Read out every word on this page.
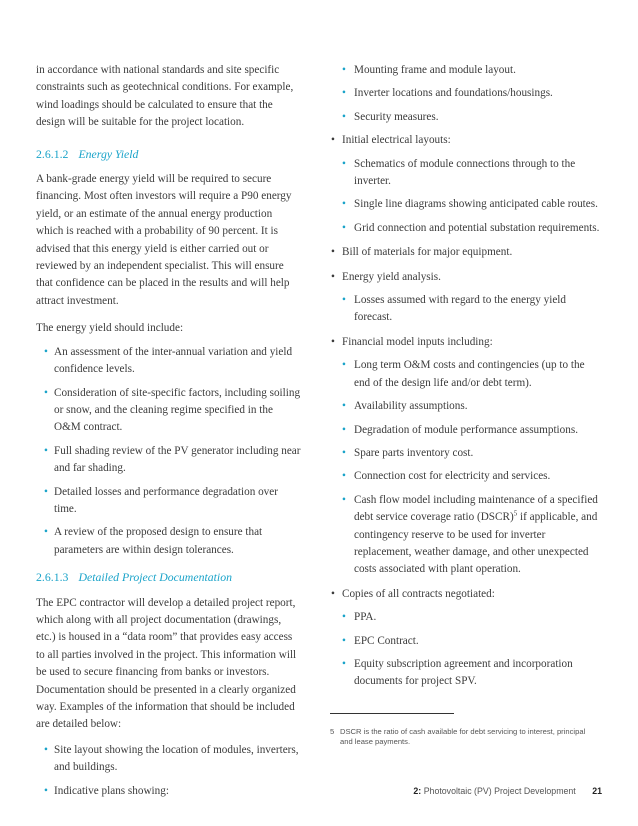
in accordance with national standards and site specific constraints such as geotechnical conditions. For example, wind loadings should be calculated to ensure that the design will be suitable for the project location.

2.6.1.2 Energy Yield

A bank-grade energy yield will be required to secure financing. Most often investors will require a P90 energy yield, or an estimate of the annual energy production which is reached with a probability of 90 percent. It is advised that this energy yield is either carried out or reviewed by an independent specialist. This will ensure that confidence can be placed in the results and will help attract investment.

The energy yield should include:

• An assessment of the inter-annual variation and yield confidence levels.
• Consideration of site-specific factors, including soiling or snow, and the cleaning regime specified in the O&M contract.
• Full shading review of the PV generator including near and far shading.
• Detailed losses and performance degradation over time.
• A review of the proposed design to ensure that parameters are within design tolerances.
2.6.1.3 Detailed Project Documentation

The EPC contractor will develop a detailed project report, which along with all project documentation (drawings, etc.) is housed in a “data room” that provides easy access to all parties involved in the project. This information will be used to secure financing from banks or investors. Documentation should be presented in a clearly organized way. Examples of the information that should be included are detailed below:

• Site layout showing the location of modules, inverters, and buildings.
• Indicative plans showing:
• Mounting frame and module layout.
• Inverter locations and foundations/housings.
• Security measures.
• Initial electrical layouts:
• Schematics of module connections through to the inverter.
• Single line diagrams showing anticipated cable routes.
• Grid connection and potential substation requirements.
• Bill of materials for major equipment.
• Energy yield analysis.
• Losses assumed with regard to the energy yield forecast.
• Financial model inputs including:
• Long term O&M costs and contingencies (up to the end of the design life and/or debt term).
• Availability assumptions.
• Degradation of module performance assumptions.
• Spare parts inventory cost.
• Connection cost for electricity and services.
• Cash flow model including maintenance of a specified debt service coverage ratio (DSCR)$^5$ if applicable, and contingency reserve to be used for inverter replacement, weather damage, and other unexpected costs associated with plant operation.
• Copies of all contracts negotiated:
• PPA.
• EPC Contract.
• Equity subscription agreement and incorporation documents for project SPV.
5 DSCR is the ratio of cash available for debt servicing to interest, principal and lease payments.
2: Photovoltaic (PV) Project Development 21
